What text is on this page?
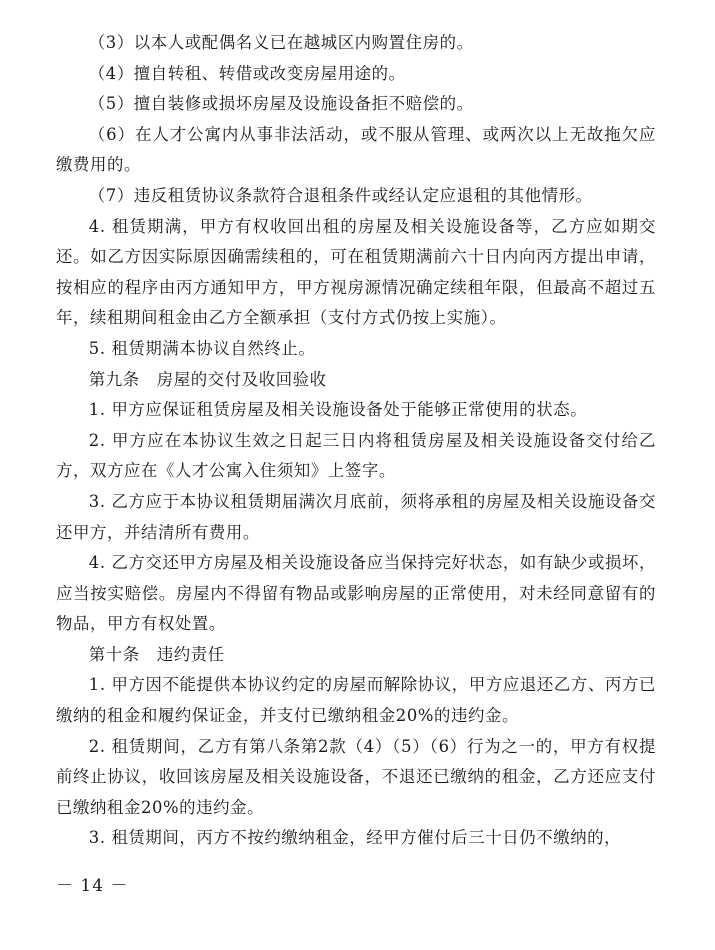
（3）以本人或配偶名义已在越城区内购置住房的。

（4）擅自转租、转借或改变房屋用途的。

（5）擅自装修或损坏房屋及设施设备拒不赔偿的。

（6）在人才公寓内从事非法活动，或不服从管理、或两次以上无故拖欠应缴费用的。

（7）违反租赁协议条款符合退租条件或经认定应退租的其他情形。

4. 租赁期满，甲方有权收回出租的房屋及相关设施设备等，乙方应如期交还。如乙方因实际原因确需续租的，可在租赁期满前六十日内向丙方提出申请，按相应的程序由丙方通知甲方，甲方视房源情况确定续租年限，但最高不超过五年，续租期间租金由乙方全额承担（支付方式仍按上实施）。

5. 租赁期满本协议自然终止。

第九条　房屋的交付及收回验收

1. 甲方应保证租赁房屋及相关设施设备处于能够正常使用的状态。

2. 甲方应在本协议生效之日起三日内将租赁房屋及相关设施设备交付给乙方，双方应在《人才公寓入住须知》上签字。

3. 乙方应于本协议租赁期届满次月底前，须将承租的房屋及相关设施设备交还甲方，并结清所有费用。

4. 乙方交还甲方房屋及相关设施设备应当保持完好状态，如有缺少或损坏，应当按实赔偿。房屋内不得留有物品或影响房屋的正常使用，对未经同意留有的物品，甲方有权处置。

第十条　违约责任

1. 甲方因不能提供本协议约定的房屋而解除协议，甲方应退还乙方、丙方已缴纳的租金和履约保证金，并支付已缴纳租金20%的违约金。

2. 租赁期间，乙方有第八条第2款（4）（5）（6）行为之一的，甲方有权提前终止协议，收回该房屋及相关设施设备，不退还已缴纳的租金，乙方还应支付已缴纳租金20%的违约金。

3. 租赁期间，丙方不按约缴纳租金，经甲方催付后三十日仍不缴纳的，

－ 14 －
